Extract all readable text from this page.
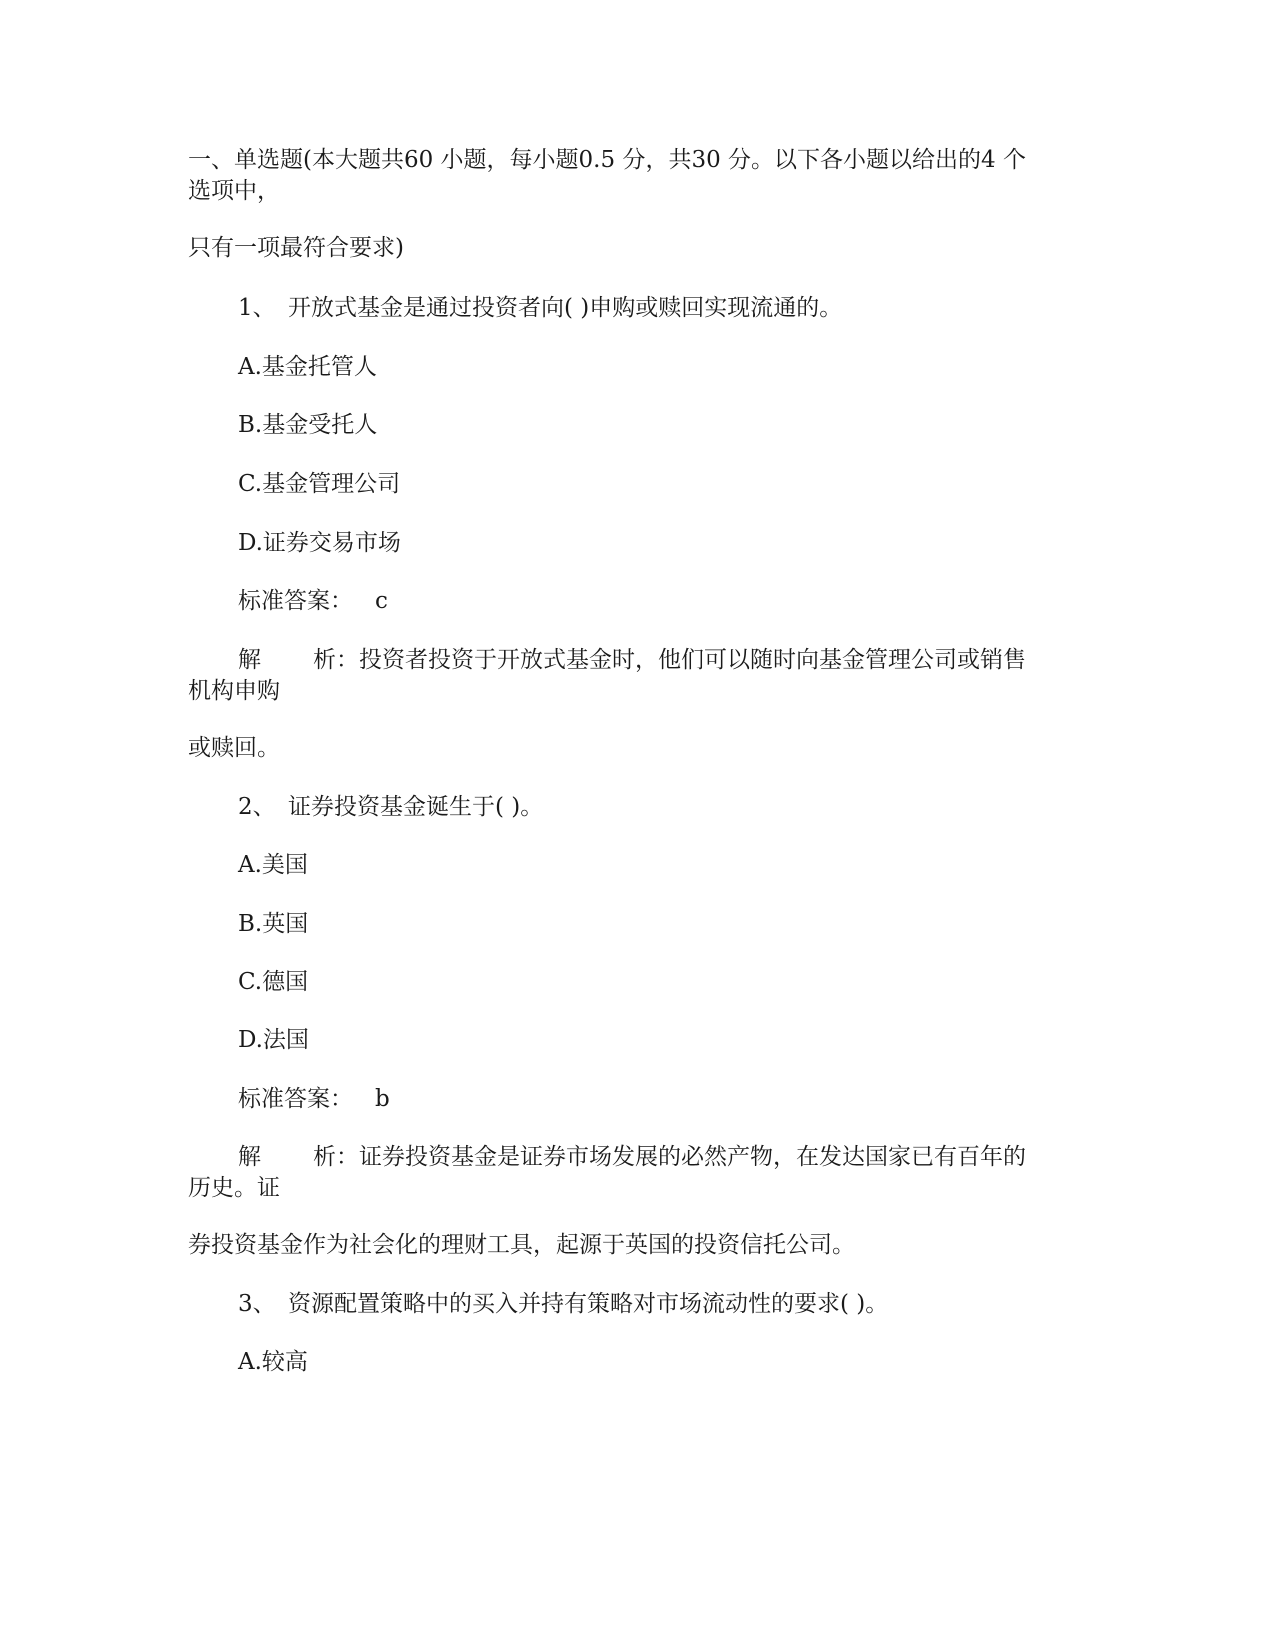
一、单选题(本大题共60 小题，每小题0.5 分，共30 分。以下各小题以给出的4 个
选项中，
只有一项最符合要求)
1、 开放式基金是通过投资者向( )申购或赎回实现流通的。
A.基金托管人
B.基金受托人
C.基金管理公司
D.证券交易市场
标准答案： c
解 析：投资者投资于开放式基金时，他们可以随时向基金管理公司或销售
机构申购
或赎回。
2、 证券投资基金诞生于( )。
A.美国
B.英国
C.德国
D.法国
标准答案： b
解 析：证券投资基金是证券市场发展的必然产物，在发达国家已有百年的
历史。证
券投资基金作为社会化的理财工具，起源于英国的投资信托公司。
3、 资源配置策略中的买入并持有策略对市场流动性的要求( )。
A.较高
